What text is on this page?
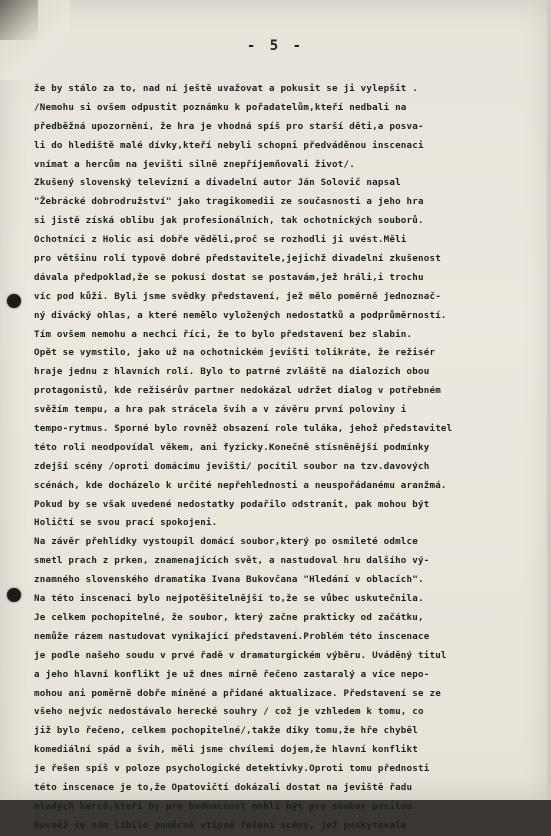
- 5 -
že by stálo za to, nad ní ještě uvažovat a pokusit se ji vylepšit .
/Nemohu si ovšem odpustit poznámku k pořadatelům,kteří nedbali na
předběžná upozornění, že hra je vhodná spíš pro starší děti,a posva-
li do hlediště malé dívky,kteří nebyli schopni předváděnou inscenaci
vnímat a hercům na jevišti silně znepříjemňovali život/.
Zkušený slovenský televizní a divadelní autor Ján Solovič napsal
"Žebrácké dobrodružství" jako tragikomedii ze současnosti a jeho hra
si jistě získá oblibu jak profesionálních, tak ochotnických souborů.
Ochotníci z Holic asi dobře věděli,proč se rozhodli ji uvést.Měli
pro většinu rolí typově dobré představitele,jejichž divadelní zkušenost
dávala předpoklad,že se pokusí dostat se postavám,jež hráli,i trochu
víc pod kůži. Byli jsme svědky představení, jež mělo poměrně jednoznač-
ný divácký ohlas, a které nemělo vyložených nedostatků a podprůměrností.
Tím ovšem nemohu a nechci říci, že to bylo představení bez slabin.
Opět se vymstilo, jako už na ochotnickém jevišti tolikráte, že režisér
hraje jednu z hlavních rolí. Bylo to patrné zvláště na dialozích obou
protagonistů, kde režisérův partner nedokázal udržet dialog v potřebném
svěžím tempu, a hra pak strácela švih a v závěru první poloviny i
tempo-rytmus. Sporné bylo rovněž obsazení role tuláka, jehož představitel
této roli neodpovídal věkem, ani fyzicky.Konečně stísněnější podmínky
zdejší scény /oproti domácímu jevišti/ pocítil soubor na tzv.davových
scénách, kde docházelo k určité nepřehlednosti a neuspořádanému aranžmá.
Pokud by se však uvedené nedostatky podařilo odstranit, pak mohou být
Holičtí se svou prací spokojeni.
Na závěr přehlídky vystoupil domácí soubor,který po osmileté odmlce
smetl prach z prken, znamenajících svět, a nastudoval hru dalšího vý-
znamného slovenského dramatika Ivana Bukovčana "Hledání v oblacích".
Na této inscenaci bylo nejpotěšitelnější to,že se vůbec uskutečnila.
Je celkem pochopitelné, že soubor, který začne prakticky od začátku,
nemůže rázem nastudovat vynikající představení.Problém této inscenace
je podle našeho soudu v prvé řadě v dramaturgickém výběru. Uváděný titul
a jeho hlavní konflikt je už dnes mírně řečeno zastaralý a více nepo-
mohou ani poměrně dobře míněné a přidané aktualizace. Představení se ze
všeho nejvíc nedostávalo herecké souhry / což je vzhledem k tomu, co
již bylo řečeno, celkem pochopitelné/,takže díky tomu,že hře chyběl
komediální spád a švih, měli jsme chvílemi dojem,že hlavní konflikt
je řešen spíš v poloze psychologické detektivky.Oproti tomu přednosti
této inscenace je to,že Opatovičtí dokázali dostat na jeviště řadu
mladých herců,kteří by pro budoucnost mohli být pro soubor posilou.
Rovněž se nám líbilo poměrně vtipné řešení scény, jež poskytovala
